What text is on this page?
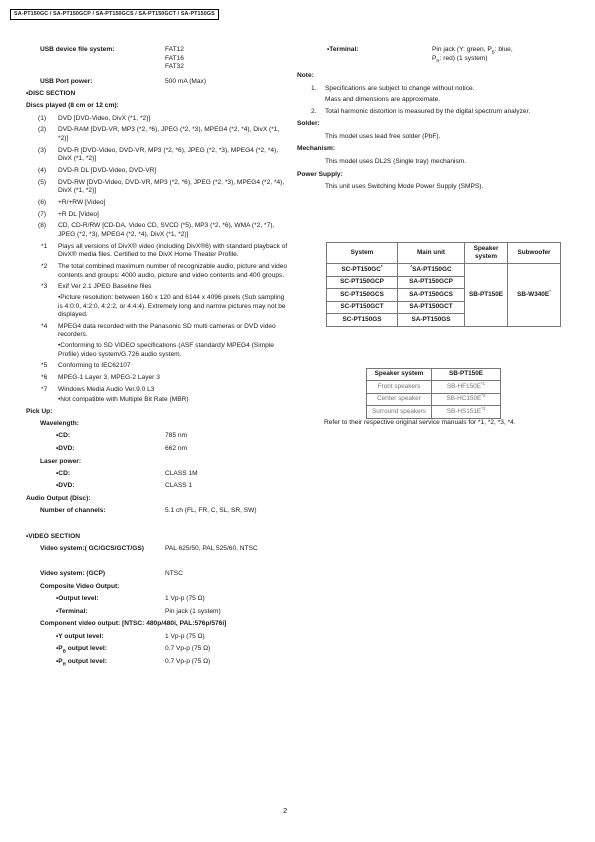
SA-PT150GC / SA-PT150GCP / SA-PT150GCS / SA-PT150GCT / SA-PT150GS
USB device file system:	FAT12
FAT16
FAT32
USB Port power:	500 mA (Max)
•DISC SECTION
Discs played (8 cm or 12 cm):
(1) DVD [DVD-Video, DivX (*1, *2)]

(2) DVD-RAM [DVD-VR, MP3 (*2, *6), JPEG (*2, *3), MPEG4 (*2, *4), DivX (*1, *2)]

(3) DVD-R [DVD-Video, DVD-VR, MP3 (*2, *6), JPEG (*2, *3), MPEG4 (*2, *4), DivX (*1, *2)]

(4) DVD-R DL [DVD-Video, DVD-VR]

(5) DVD-RW [DVD-Video, DVD-VR, MP3 (*2, *6), JPEG (*2, *3), MPEG4 (*2, *4), DivX (*1, *2)]

(6) +R/+RW [Video]

(7) +R DL [Video]

(8) CD, CD-R/RW [CD-DA, Video CD, SVCD (*5), MP3 (*2, *6), WMA (*2, *7), JPEG (*2, *3), MPEG4 (*2, *4), DivX (*1, *2)]

*1 Plays all versions of DivX® video (including DivX®6) with standard playback of DivX® media files. Certified to the DivX Home Theater Profile.

*2 The total combined maximum number of recognizable audio, picture and video contents and groups: 4000 audio, picture and video contents and 400 groups.

*3 Exif Ver 2.1 JPEG Baseline files

•Picture resolution: between 160 x 120 and 6144 x 4096 pixels (Sub sampling is 4:0:0, 4:2:0, 4:2:2, or 4:4:4). Extremely long and narrow pictures may not be displayed.

*4 MPEG4 data recorded with the Panasonic SD multi cameras or DVD video recorders.

•Conforming to SD VIDEO specifications (ASF standard)/ MPEG4 (Simple Profile) video system/G.726 audio system.

*5 Conforming to IEC62107

*6 MPEG-1 Layer 3, MPEG-2 Layer 3

*7 Windows Media Audio Ver.9.0 L3

•Not compatible with Multiple Bit Rate (MBR)

Pick Up:
Wavelength:
•CD:	785 nm
•DVD:	662 nm
Laser power:
•CD:	CLASS 1M
•DVD:	CLASS 1
Audio Output (Disc):
Number of channels:	5.1 ch (FL, FR, C, SL, SR, SW)
•VIDEO SECTION
Video system:( GC/GCS/GCT/GS)	PAL 625/50, PAL 525/60, NTSC
Video system: (GCP)	NTSC
Composite Video Output:
•Output level:	1 Vp-p (75 Ω)
•Terminal:	Pin jack (1 system)
Component video output: [NTSC: 480p/480i, PAL:576p/576i]
•Y output level:	1 Vp-p (75 Ω)
$•P_B$ output level:	0.7 Vp-p (75 Ω)
$•P_R$ output level:	0.7 Vp-p (75 Ω)
•Terminal:	Pin jack (Y: green, $P_B$: blue,
$P_R$: red) (1 system)
Note:
1. Specifications are subject to change without notice.

Mass and dimensions are approximate.

2. Total harmonic distortion is measured by the digital spectrum analyzer.

Solder:
This model uses lead free solder (PbF).
Mechanism:
This model uses DL2S (Single tray) mechanism.
Power Supply:
This unit uses Switching Mode Power Supply (SMPS).
System	Main unit	Speaker system	Subwoofer
SC-PT150GC*	*SA-PT150GC	SB-PT150E	SB-W340E*
SC-PT150GCP	SA-PT150GCP		
SC-PT150GCS	SA-PT150GCS		
SC-PT150GCT	SA-PT150GCT		
SC-PT150GS	SA-PT150GS		
Speaker system	SB-PT150E
Front speakers	$SB-HF150E^{*1}$
Center speaker	$SB-HC150E^{*2}$
Surround speakers	$SB-HS151E^{*3}$
Refer to their respective original service manuals for *1, *2, *3, *4.
2
